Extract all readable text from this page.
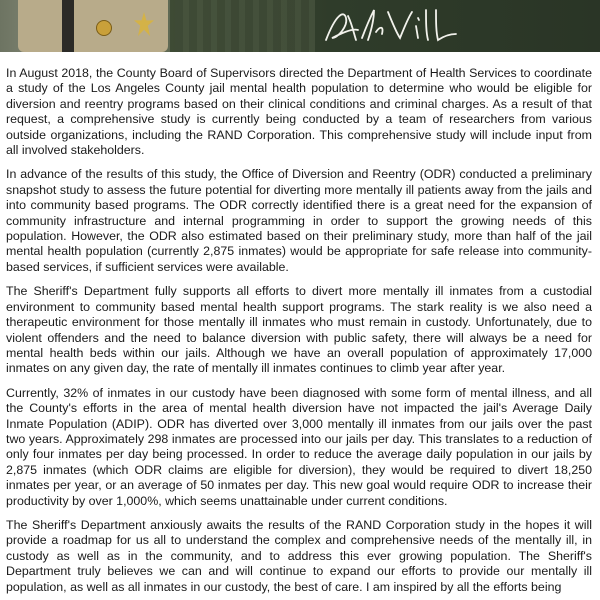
In August 2018, the County Board of Supervisors directed the Department of Health Services to coordinate a study of the Los Angeles County jail mental health population to determine who would be eligible for diversion and reentry programs based on their clinical conditions and criminal charges. As a result of that request, a comprehensive study is currently being conducted by a team of researchers from various outside organizations, including the RAND Corporation. This comprehensive study will include input from all involved stakeholders.

In advance of the results of this study, the Office of Diversion and Reentry (ODR) conducted a preliminary snapshot study to assess the future potential for diverting more mentally ill patients away from the jails and into community based programs. The ODR correctly identified there is a great need for the expansion of community infrastructure and internal programming in order to support the growing needs of this population. However, the ODR also estimated based on their preliminary study, more than half of the jail mental health population (currently 2,875 inmates) would be appropriate for safe release into community-based services, if sufficient services were available.

The Sheriff's Department fully supports all efforts to divert more mentally ill inmates from a custodial environment to community based mental health support programs. The stark reality is we also need a therapeutic environment for those mentally ill inmates who must remain in custody. Unfortunately, due to violent offenders and the need to balance diversion with public safety, there will always be a need for mental health beds within our jails. Although we have an overall population of approximately 17,000 inmates on any given day, the rate of mentally ill inmates continues to climb year after year.

Currently, 32% of inmates in our custody have been diagnosed with some form of mental illness, and all the County's efforts in the area of mental health diversion have not impacted the jail's Average Daily Inmate Population (ADIP). ODR has diverted over 3,000 mentally ill inmates from our jails over the past two years. Approximately 298 inmates are processed into our jails per day. This translates to a reduction of only four inmates per day being processed. In order to reduce the average daily population in our jails by 2,875 inmates (which ODR claims are eligible for diversion), they would be required to divert 18,250 inmates per year, or an average of 50 inmates per day. This new goal would require ODR to increase their productivity by over 1,000%, which seems unattainable under current conditions.

The Sheriff's Department anxiously awaits the results of the RAND Corporation study in the hopes it will provide a roadmap for us all to understand the complex and comprehensive needs of the mentally ill, in custody as well as in the community, and to address this ever growing population. The Sheriff's Department truly believes we can and will continue to expand our efforts to provide our mentally ill population, as well as all inmates in our custody, the best of care. I am inspired by all the efforts being
